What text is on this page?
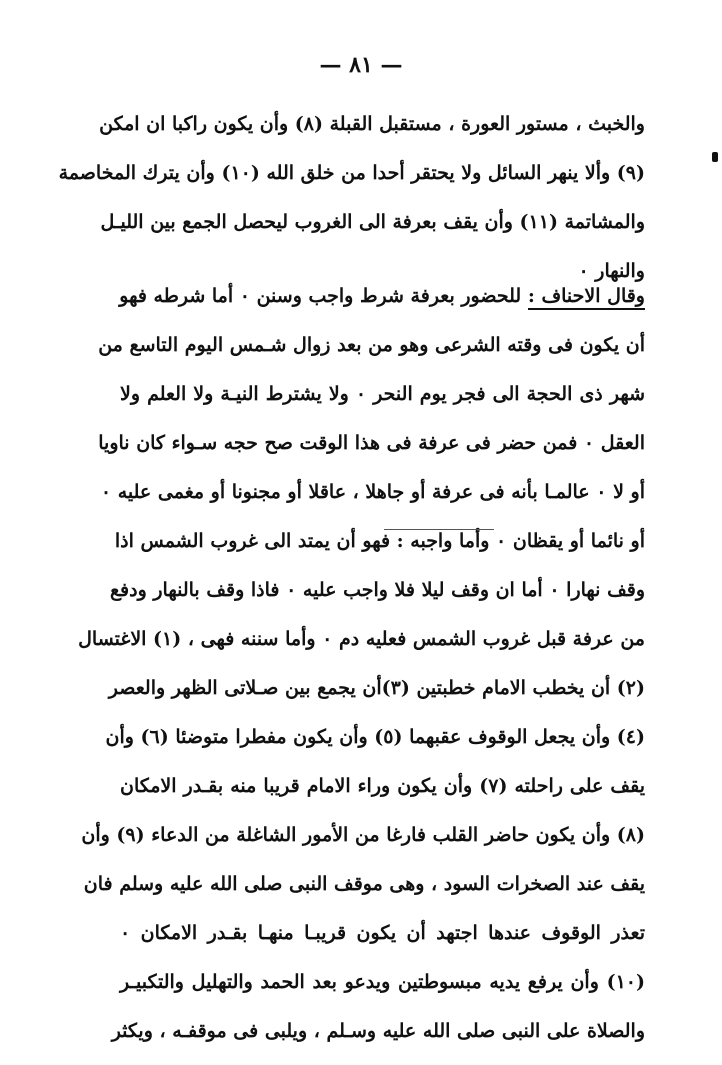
— ٨١ —
والخبث ، مستور العورة ، مستقبل القبلة (٨) وأن يكون راكبا ان امكن
(٩) وألا ينهر السائل ولا يحتقر أحدا من خلق الله (١٠) وأن يترك المخاصمة
والمشاتمة (١١) وأن يقف بعرفة الى الغروب ليحصل الجمع بين الليـل
والنهار ٠
وقال الاحناف : للحضور بعرفة شرط واجب وسنن ٠ أما شرطه فهو
أن يكون فى وقته الشرعى وهو من بعد زوال شـمس اليوم التاسع من
شهر ذى الحجة الى فجر يوم النحر ٠ ولا يشترط النيـة ولا العلم ولا
العقل ٠ فمن حضر فى عرفة فى هذا الوقت صح حجه سـواء كان ناويا
أو لا ٠ عالمـا بأنه فى عرفة أو جاهلا ، عاقلا أو مجنونا أو مغمى عليه ٠
أو نائما أو يقظان ٠ وأما واجبه : فهو أن يمتد الى غروب الشمس اذا
وقف نهارا ٠ أما ان وقف ليلا فلا واجب عليه ٠ فاذا وقف بالنهار ودفع
من عرفة قبل غروب الشمس فعليه دم ٠ وأما سننه فهى ، (١) الاغتسال
(٢) أن يخطب الامام خطبتين (٣)أن يجمع بين صـلاتى الظهر والعصر
(٤) وأن يجعل الوقوف عقبهما (٥) وأن يكون مفطرا متوضئا (٦) وأن
يقف على راحلته (٧) وأن يكون وراء الامام قريبا منه بقـدر الامكان
(٨) وأن يكون حاضر القلب فارغا من الأمور الشاغلة من الدعاء (٩) وأن
يقف عند الصخرات السود ، وهى موقف النبى صلى الله عليه وسلم فان
تعذر الوقوف عندها اجتهد أن يكون قريبـا منهـا بقـدر الامكان ٠
(١٠) وأن يرفع يديه مبسوطتين ويدعو بعد الحمد والتهليل والتكبيـر
والصلاة على النبى صلى الله عليه وسـلم ، ويلبى فى موقفـه ، ويكثر
